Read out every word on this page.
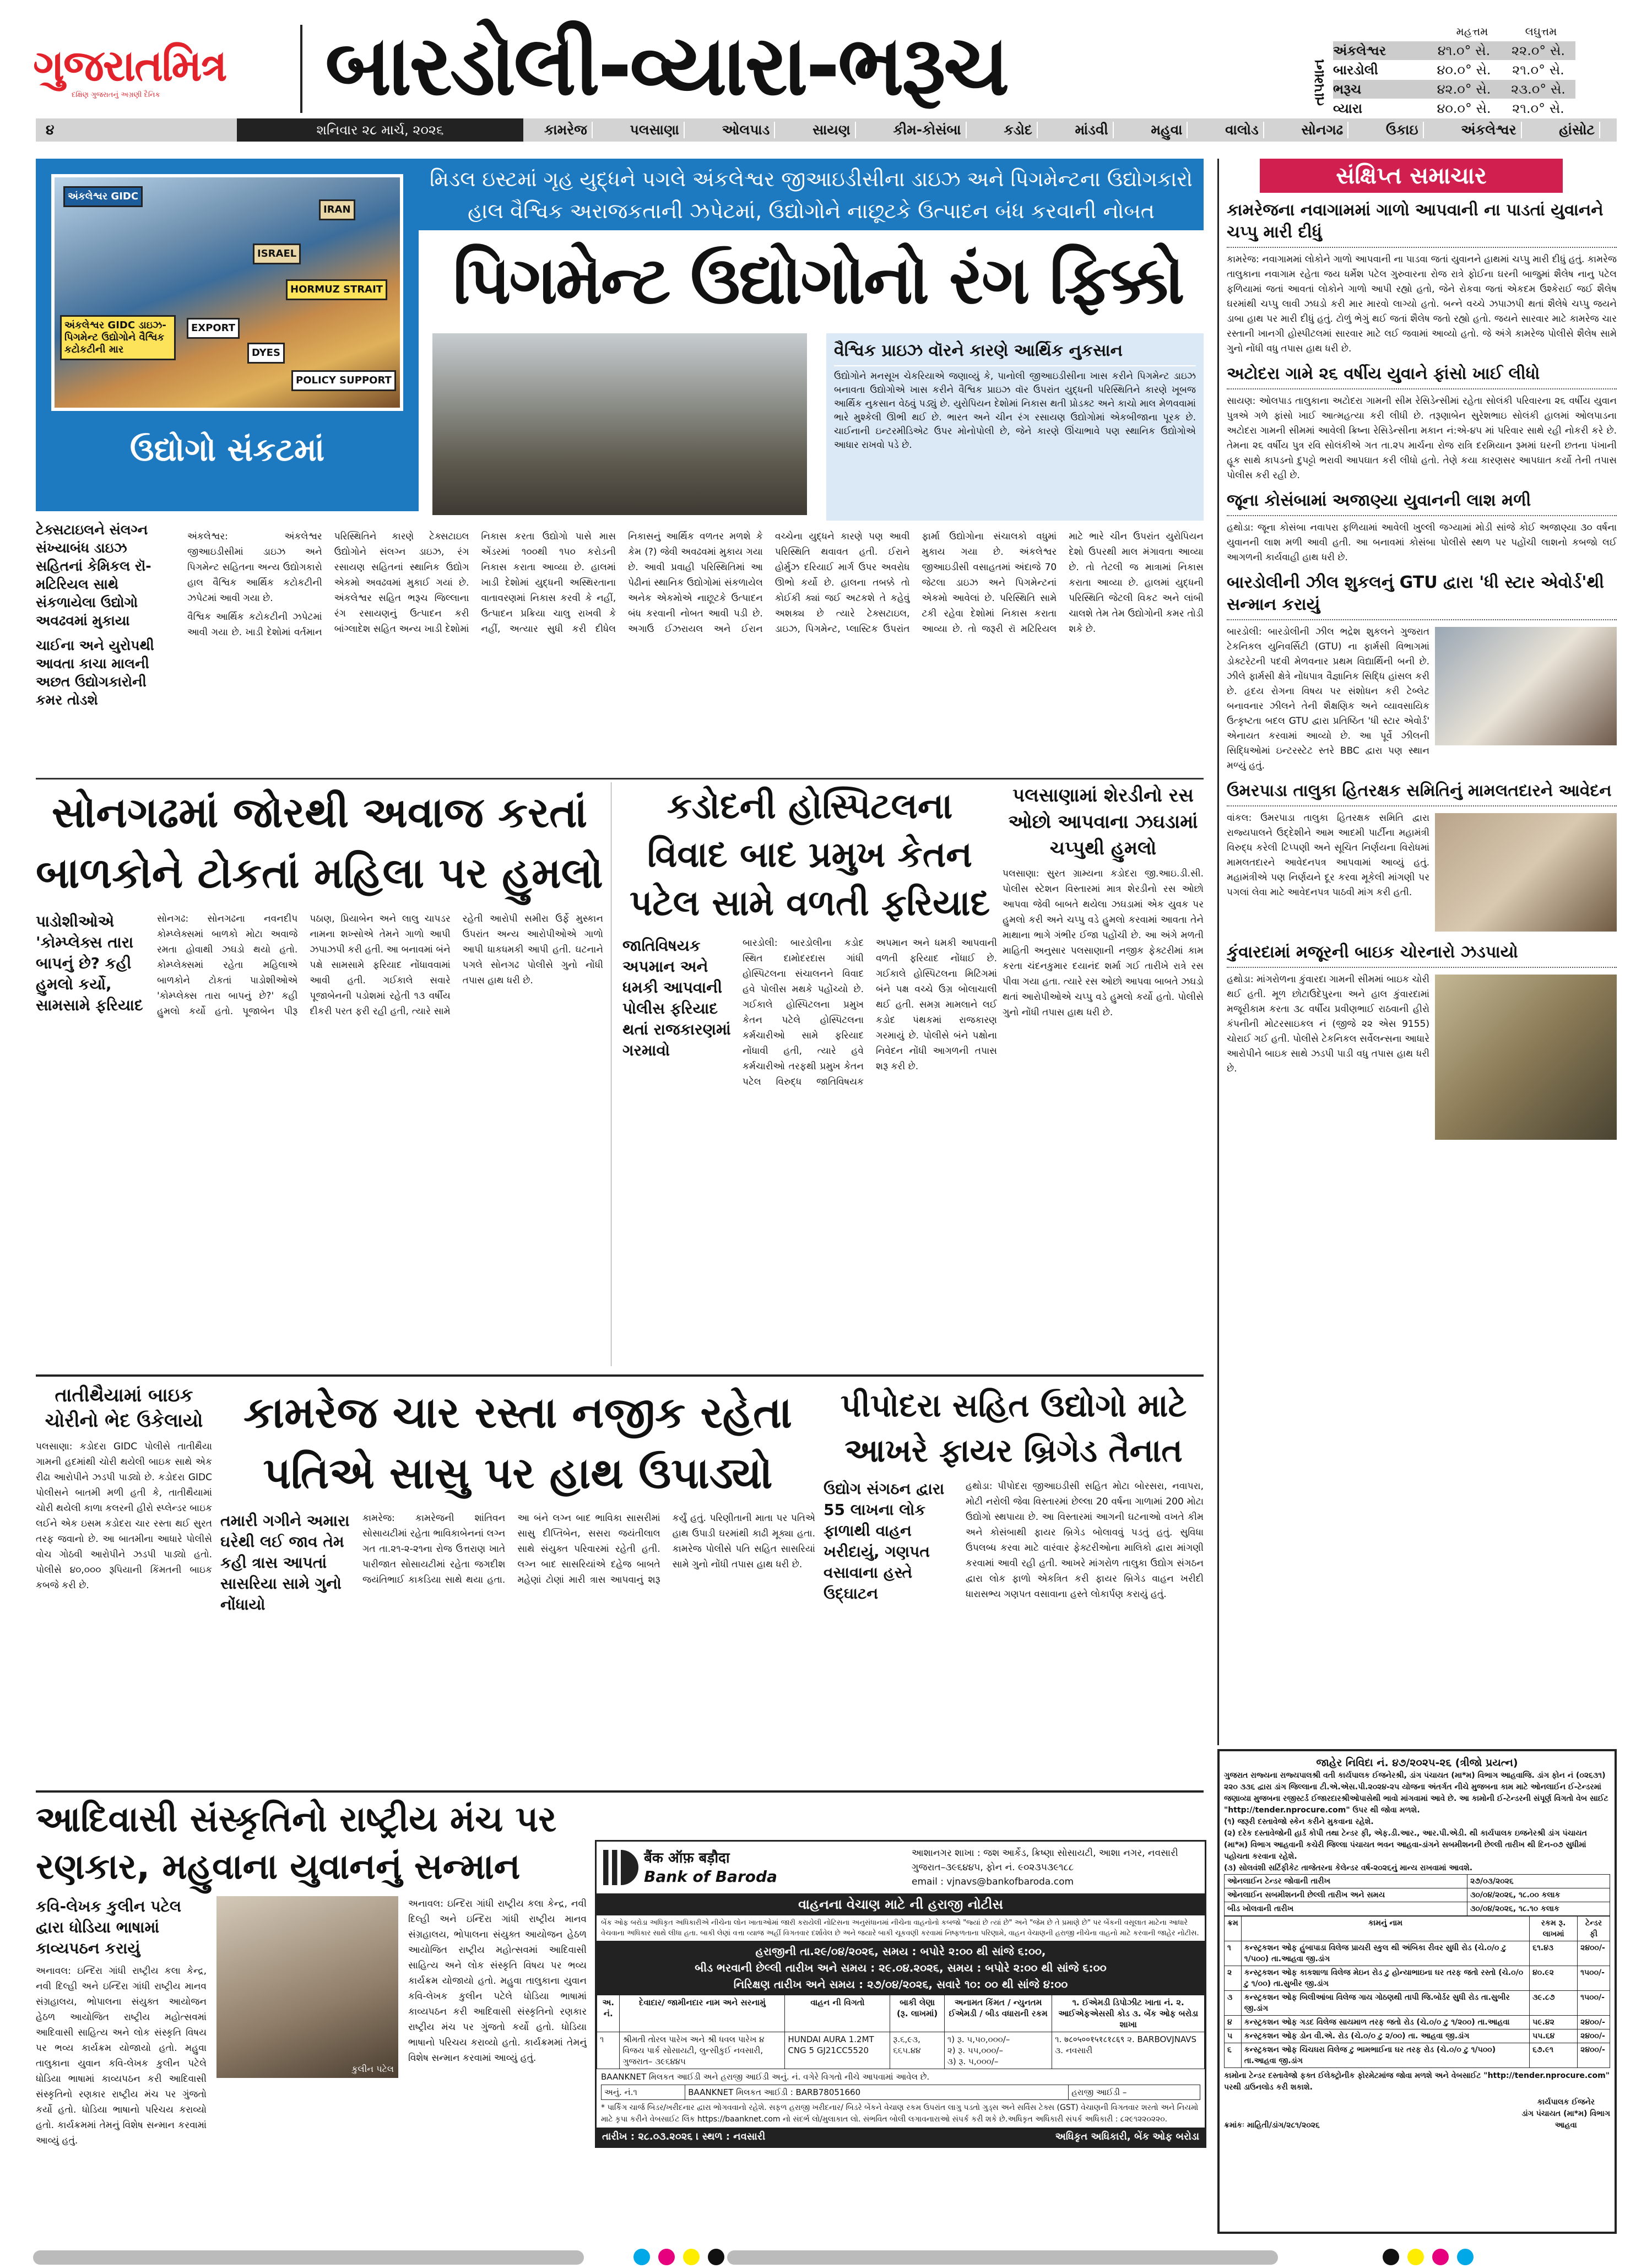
ગુજરાતમિત્ર
દક્ષિણ ગુજરાતનું અગ્રણી દૈનિક	બારડોલી-વ્યારા-ભરૂચ	તાપમાન
મહત્તમ	લઘુત્તમ
અંકલેશ્વર	૪૧.૦° સે.	૨૨.૦° સે.
બારડોલી	૪૦.૦° સે.	૨૧.૦° સે.
ભરૂચ	૪૨.૦° સે.	૨૩.૦° સે.
વ્યારા	૪૦.૦° સે.	૨૧.૦° સે.
૪	શનિવાર ૨૮ માર્ચ, ૨૦૨૬	કામરેજ	પલસાણા	ઓલપાડ	સાયણ	કીમ-કોસંબા	કડોદ	માંડવી	મહુવા	વાલોડ	સોનગઢ	ઉકાઇ	અંકલેશ્વર	હાંસોટ
અંકલેશ્વર GIDC
IRAN
ISRAEL
HORMUZ STRAIT
EXPORT
DYES
POLICY SUPPORT
અંકલેશ્વર GIDC ડાઇઝ-પિગમેન્ટ ઉદ્યોગોને વૈશ્વિક કટોકટીની માર
ઉદ્યોગો સંકટમાં
મિડલ ઇસ્ટમાં ગૃહ યુદ્ધને પગલે અંકલેશ્વર જીઆઇડીસીના ડાઇઝ અને પિગમેન્ટના ઉદ્યોગકારો
હાલ વૈશ્વિક અરાજકતાની ઝપેટમાં, ઉદ્યોગોને નાછૂટકે ઉત્પાદન બંધ કરવાની નોબત
પિગમેન્ટ ઉદ્યોગોનો રંગ ફિક્કો
વૈશ્વિક પ્રાઇઝ વૉરને કારણે આર્થિક નુકસાન

ઉદ્યોગોને મનસૂખ ચેકરિયાએ જણાવ્યું કે, પાનોલી જીઆઇડીસીના ખાસ કરીને પિગમેન્ટ ડાઇઝ બનાવતા ઉદ્યોગોએ ખાસ કરીને વૈશ્વિક પ્રાઇઝ વૉર ઉપરાંત યુદ્ધની પરિસ્થિતિને કારણે ખૂબજ આર્થિક નુકસાન વેઠવું પડ્યું છે. યુરોપિયન દેશોમાં નિકાસ થતી પ્રોડક્ટ અને કાચો માલ મેળવવામાં ભારે મુશ્કેલી ઊભી થઈ છે. ભારત અને ચીન રંગ રસાયણ ઉદ્યોગોમાં એકબીજાના પૂરક છે. ચાઈનાની ઇન્ટરમીડિએટ ઉપર મોનોપોલી છે, જેને કારણે ઊંચાભાવે પણ સ્થાનિક ઉદ્યોગોએ આધાર રાખવો પડે છે.

ટેક્સટાઇલને સંલગ્ન સંખ્યાબંધ ડાઇઝ સહિતનાં કેમિકલ રૉ-મટિરિયલ સાથે સંકળાયેલા ઉદ્યોગો અવઢવમાં મુકાયા
ચાઈના અને યુરોપથી આવતા કાચા માલની અછત ઉદ્યોગકારોની કમર તોડશે

અંકલેશ્વર: અંકલેશ્વર જીઆઇડીસીમાં ડાઇઝ અને પિગમેન્ટ સહિતના અન્ય ઉદ્યોગકારો હાલ વૈશ્વિક આર્થિક કટોકટીની ઝપેટમાં આવી ગયા છે.

વૈશ્વિક આર્થિક કટોકટીની ઝપેટમાં આવી ગયા છે. ખાડી દેશોમાં વર્તમાન પરિસ્થિતિને કારણે ટેક્સટાઇલ ઉદ્યોગોને સંલગ્ન ડાઇઝ, રંગ રસાયણ સહિતનાં સ્થાનિક ઉદ્યોગ એકમો અવઢવમાં મુકાઈ ગયાં છે. અંકલેશ્વર સહિત ભરૂચ જિલ્લાના રંગ રસાયણનું ઉત્પાદન કરી બાંગ્લાદેશ સહિત અન્ય ખાડી દેશોમાં નિકાસ કરતા ઉદ્યોગો પાસે માસ એંડરમાં ૧૦૦થી ૧૫૦ કરોડની નિકાસ કરાતા આવ્યા છે. હાલમાં ખાડી દેશોમાં યુદ્ધની અસ્થિરતાના વાતાવરણમાં નિકાસ કરવી કે નહીં, ઉત્પાદન પ્રક્રિયા ચાલુ રાખવી કે નહીં, અત્યાર સુધી કરી દીધેલ નિકાસનું આર્થિક વળતર મળશે કે કેમ (?) જેવી અવઢવમાં મુકાય ગયા છે. આવી પ્રવાહી પરિસ્થિતિમાં આ પેઢીનાં સ્થાનિક ઉદ્યોગોમાં સંકળાયેલ અનેક એકમોએ નાછૂટકે ઉત્પાદન બંધ કરવાની નોબત આવી પડી છે. અગાઉ ઈઝરાયલ અને ઈરાન વચ્ચેના યુદ્ધને કારણે પણ આવી પરિસ્થિતિ થવાવત હતી. ઈરાને હોર્મુઝ દરિયાઈ માર્ગ ઉપર અવરોધ ઊભો કર્યો છે. હાલના તબક્કે તો કોઈકી ક્યાં જઈ અટકશે તે કહેવું અશક્ય છે ત્યારે ટેક્સટાઇલ, ડાઇઝ, પિગમેન્ટ, પ્લાસ્ટિક ઉપરાંત ફાર્મા ઉદ્યોગોના સંચાલકો વધુમાં મુકાય ગયા છે. અંકલેશ્વર જીઆઇડીસી વસાહતમાં અંદાજે 70 જેટલા ડાઇઝ અને પિગમેન્ટનાં એકમો આવેલાં છે. પરિસ્થિતિ સામે ટકી રહેવા દેશોમાં નિકાસ કરાતા આવ્યા છે. તો જરૂરી રૉ મટિરિયલ માટે ભારે ચીન ઉપરાંત યુરોપિયન દેશો ઉપરથી માલ મંગાવતા આવ્યા છે. તો તેટલી જ માત્રામાં નિકાસ કરાતા આવ્યા છે. હાલમાં યુદ્ધની પરિસ્થિતિ જેટલી વિકટ અને લાંબી ચાલશે તેમ તેમ ઉદ્યોગોની કમર તોડી શકે છે.

સંક્ષિપ્ત સમાચાર
કામરેજના નવાગામમાં ગાળો આપવાની ના પાડતાં યુવાનને ચપ્પુ મારી દીધું

કામરેજ: નવાગામમાં લોકોને ગાળો આપવાની ના પાડવા જતાં યુવાનને હાથમાં ચપ્પુ મારી દીધું હતું. કામરેજ તાલુકાના નવાગામ રહેતા જય ધર્મેશ પટેલ ગુરુવારના રોજ રાત્રે ફોઈના ઘરની બાજુમાં શૈલેષ નાનુ પટેલ ફળિયામાં જતાં આવતાં લોકોને ગાળો આપી રહ્યો હતો, જેને રોકવા જતાં એકદમ ઉશ્કેરાઈ જઈ શૈલેષ ઘરમાંથી ચપ્પુ લાવી ઝઘડો કરી માર મારવો લાગ્યો હતો. બન્ને વચ્ચે ઝપાઝપી થતાં શૈલેષે ચપ્પુ જયને ડાબા હાથ પર મારી દીધું હતું. ટોળું ભેગું થઈ જતાં શૈલેષ જતો રહ્યો હતો. જયને સારવાર માટે કામરેજ ચાર રસ્તાની ખાનગી હોસ્પીટલમાં સારવાર માટે લઈ જવામાં આવ્યો હતો. જે અંગે કામરેજ પોલીસે શૈલેષ સામે ગુનો નોંધી વધુ તપાસ હાથ ધરી છે.

અટોદરા ગામે ૨૬ વર્ષીય યુવાને ફાંસો ખાઈ લીધો

સાયણ: ઓલપાડ તાલુકાના અટોદરા ગામની સીમ રેસિડેન્સીમાં રહેતા સોલંકી પરિવારના ૨૬ વર્ષીય યુવાન પુત્રએ ગળે ફાંસો ખાઈ આત્મહત્યા કરી લીધી છે. તરૂણાબેન સુરેશભાઇ સોલંકી હાલમાં ઓલપાડના અટોદરા ગામની સીમમાં આવેલી ક્રિષ્ના રેસિડેન્સીના મકાન નં:એ-૪૫ માં પરિવાર સાથે રહી નોકરી કરે છે. તેમના ૨૬ વર્ષીય પુત્ર રવિ સોલંકીએ ગત તા.૨૫ માર્ચના રોજ રાત્રિ દરમિયાન રૂમમાં ઘરની છતના પંખાની હૂક સાથે કાપડનો દુપટ્ટો ભરાવી આપઘાત કરી લીધો હતો. તેણે કયા કારણસર આપઘાત કર્યો તેની તપાસ પોલીસ કરી રહી છે.

જૂના કોસંબામાં અજાણ્યા યુવાનની લાશ મળી

હથોડા: જૂના કોસંબા નવાપરા ફળિયામાં આવેલી ખુલ્લી જગ્યામાં મોડી સાંજે કોઈ અજાણ્યા ૩૦ વર્ષના યુવાનની લાશ મળી આવી હતી. આ બનાવમાં કોસંબા પોલીસે સ્થળ પર પહોંચી લાશનો કબજો લઈ આગળની કાર્યવાહી હાથ ધરી છે.

બારડોલીની ઝીલ શુકલનું GTU દ્વારા 'ધી સ્ટાર એવોર્ડ'થી સન્માન કરાયું

બારડોલી: બારડોલીની ઝીલ ભદ્રેશ શુકલને ગુજરાત ટેકનિકલ યુનિવર્સિટી (GTU) ના ફાર્મસી વિભાગમાં ડોક્ટરેટની પદવી મેળવનાર પ્રથમ વિદ્યાર્થિની બની છે. ઝીલે ફાર્મસી ક્ષેત્રે નોંધપાત્ર વૈજ્ઞાનિક સિદ્ધિ હાંસલ કરી છે. હૃદય રોગના વિષય પર સંશોધન કરી ટેબ્લેટ બનાવનાર ઝીલને તેની શૈક્ષણિક અને વ્યાવસાયિક ઉત્કૃષ્ટતા બદલ GTU દ્વારા પ્રતિષ્ઠિત 'ધી સ્ટાર એવોર્ડ' એનાયત કરવામાં આવ્યો છે. આ પૂર્વે ઝીલની સિદ્ધિઓમાં ઇન્ટરસ્ટેટ સ્તરે BBC દ્વારા પણ સ્થાન મળ્યું હતું.

ઉમરપાડા તાલુકા હિતરક્ષક સમિતિનું મામલતદારને આવેદન

વાંકલ: ઉમરપાડા તાલુકા હિતરક્ષક સમિતિ દ્વારા રાજ્યપાલને ઉદ્દેશીને આમ આદમી પાર્ટીના મહામંત્રી વિરુદ્ધ કરેલી ટિપ્પણી અને સૂચિત નિર્ણયના વિરોધમાં મામલતદારને આવેદનપત્ર આપવામાં આવ્યું હતું. મહામંત્રીએ પણ નિર્ણયને દૂર કરવા મૂકેલી માંગણી પર પગલાં લેવા માટે આવેદનપત્ર પાઠવી માંગ કરી હતી.

કુંવારદામાં મજૂરની બાઇક ચોરનારો ઝડપાયો

હથોડા: માંગરોળના કુંવારદા ગામની સીમમાં બાઇક ચોરી થઈ હતી. મૂળ છોટાઉદેપુરના અને હાલ કુંવારદામાં મજૂરીકામ કરતા ૩૮ વર્ષીય પ્રવીણભાઈ રાઠવાની હીરો કંપનીની મોટરસાઇકલ નં (જીજે ૨૨ એસ 9155) ચોરાઈ ગઈ હતી. પોલીસે ટેકનિકલ સર્વેલન્સના આધારે આરોપીને બાઇક સાથે ઝડપી પાડી વધુ તપાસ હાથ ધરી છે.

સોનગઢમાં જોરથી અવાજ કરતાં
બાળકોને ટોકતાં મહિલા પર હુમલો
પાડોશીઓએ 'કોમ્પ્લેક્સ તારા બાપનું છે? કહી હુમલો કર્યો, સામસામે ફરિયાદ
સોનગઢ: સોનગઢના નવનદીપ કોમ્પ્લેક્સમાં બાળકો મોટા અવાજે રમતા હોવાથી ઝઘડો થયો હતો. કોમ્પ્લેક્સમાં રહેતા મહિલાએ બાળકોને ટોકતાં પાડોશીઓએ 'કોમ્પ્લેક્સ તારા બાપનું છે?' કહી હુમલો કર્યો હતો. પૂજાબેન પીરૂ પઠાણ, પ્રિયાબેન અને લાલુ ચાપડર નામના શખ્સોએ તેમને ગાળો આપી ઝપાઝપી કરી હતી. આ બનાવમાં બંને પક્ષે સામસામે ફરિયાદ નોંધાવવામાં આવી હતી. ગઈકાલે સવારે પૂજાબેનની પડોશમાં રહેતી ૧૩ વર્ષીય દીકરી પરત ફરી રહી હતી, ત્યારે સામે રહેતી આરોપી સમીરા ઉર્ફે મુસ્કાન ઉપરાંત અન્ય આરોપીઓએ ગાળો આપી ધાકધમકી આપી હતી. ઘટનાને પગલે સોનગઢ પોલીસે ગુનો નોંધી તપાસ હાથ ધરી છે.
કડોદની હોસ્પિટલના વિવાદ બાદ પ્રમુખ કેતન પટેલ સામે વળતી ફરિયાદ
જાતિવિષયક અપમાન અને ધમકી આપવાની પોલીસ ફરિયાદ થતાં રાજકારણમાં ગરમાવો
બારડોલી: બારડોલીના કડોદ સ્થિત દામોદરદાસ ગાંધી હોસ્પિટલના સંચાલનને વિવાદ હવે પોલીસ મથકે પહોંચ્યો છે. ગઈકાલે હોસ્પિટલના પ્રમુખ કેતન પટેલે હોસ્પિટલના કર્મચારીઓ સામે ફરિયાદ નોંધાવી હતી, ત્યારે હવે કર્મચારીઓ તરફથી પ્રમુખ કેતન પટેલ વિરુદ્ધ જાતિવિષયક અપમાન અને ધમકી આપવાની વળતી ફરિયાદ નોંધાઈ છે. ગઈકાલે હોસ્પિટલના મિટિંગમાં બંને પક્ષ વચ્ચે ઉગ્ર બોલાચાલી થઈ હતી. સમગ્ર મામલાને લઈ કડોદ પંથકમાં રાજકારણ ગરમાયું છે. પોલીસે બંને પક્ષોના નિવેદન નોંધી આગળની તપાસ શરૂ કરી છે.
પલસાણામાં શેરડીનો રસ ઓછો આપવાના ઝઘડામાં ચપ્પુથી હુમલો
પલસાણા: સુરત ગ્રામ્યના કડોદરા જી.આઇ.ડી.સી. પોલીસ સ્ટેશન વિસ્તારમાં માત્ર શેરડીનો રસ ઓછો આપવા જેવી બાબતે થયેલા ઝઘડામાં એક યુવક પર હુમલો કરી અને ચપ્પુ વડે હુમલો કરવામાં આવતા તેને માથાના ભાગે ગંભીર ઈજા પહોંચી છે. આ અંગે મળતી માહિતી અનુસાર પલસાણાની નજીક ફેક્ટરીમાં કામ કરતા ચંદનકુમાર દયાનંદ શર્મા ગઈ તારીખે રાત્રે રસ પીવા ગયા હતા. ત્યારે રસ ઓછો આપવા બાબતે ઝઘડો થતાં આરોપીઓએ ચપ્પુ વડે હુમલો કર્યો હતો. પોલીસે ગુનો નોંધી તપાસ હાથ ધરી છે.
તાતીથૈયામાં બાઇક ચોરીનો ભેદ ઉકેલાયો
પલસાણા: કડોદરા GIDC પોલીસે તાતીથૈયા ગામની હદમાંથી ચોરી થયેલી બાઇક સાથે એક રીઢા આરોપીને ઝડપી પાડ્યો છે. કડોદરા GIDC પોલીસને બાતમી મળી હતી કે, તાતીથૈયામાં ચોરી થયેલી કાળા કલરની હીરો સ્પ્લેન્ડર બાઇક લઈને એક ઇસમ કડોદરા ચાર રસ્તા થઈ સુરત તરફ જવાનો છે. આ બાતમીના આધારે પોલીસે વોચ ગોઠવી આરોપીને ઝડપી પાડ્યો હતો. પોલીસે ૪૦,૦૦૦ રૂપિયાની કિંમતની બાઇક કબજે કરી છે.
કામરેજ ચાર રસ્તા નજીક રહેતા
પતિએ સાસુ પર હાથ ઉપાડ્યો
તમારી ગગીને અમારા ઘરેથી લઈ જાવ તેમ કહી ત્રાસ આપતાં સાસરિયા સામે ગુનો નોંધાયો
કામરેજ: કામરેજની શાંતિવન સોસાયટીમાં રહેતા ભાવિકાબેનનાં લગ્ન ગત તા.૨૧-૨-૨૧ના રોજ ઉત્તરાણ ખાતે પારીજાત સોસાયટીમાં રહેતા જગદીશ જયંતિભાઈ કાકડિયા સાથે થયા હતા. આ બંને લગ્ન બાદ ભાવિકા સાસરીમાં સાસુ દીપ્તિબેન, સસરા જયંતીલાલ સાથે સંયુક્ત પરિવારમાં રહેતી હતી. લગ્ન બાદ સાસરિયાંએ દહેજ બાબતે મહેણાં ટોણાં મારી ત્રાસ આપવાનું શરૂ કર્યું હતું. પરિણીતાની માતા પર પતિએ હાથ ઉપાડી ઘરમાંથી કાઢી મૂક્યા હતા. કામરેજ પોલીસે પતિ સહિત સાસરિયાં સામે ગુનો નોંધી તપાસ હાથ ધરી છે.
પીપોદરા સહિત ઉદ્યોગો માટે આખરે ફાયર બ્રિગેડ તૈનાત
ઉદ્યોગ સંગઠન દ્વારા 55 લાખના લોક ફાળાથી વાહન ખરીદાયું, ગણપત વસાવાના હસ્તે ઉદ્ઘાટન
હથોડા: પીપોદરા જીઆઇડીસી સહિત મોટા બોરસરા, નવાપરા, મોટી નરોલી જેવા વિસ્તારમાં છેલ્લા 20 વર્ષના ગાળામાં 200 મોટા ઉદ્યોગો સ્થપાયા છે. આ વિસ્તારમાં આગની ઘટનાઓ વખતે કીમ અને કોસંબાથી ફાયર બ્રિગેડ બોલાવવું પડતું હતું. સુવિધા ઉપલબ્ધ કરવા માટે વારંવાર ફેક્ટરીઓના માલિકો દ્વારા માંગણી કરવામાં આવી રહી હતી. આખરે માંગરોળ તાલુકા ઉદ્યોગ સંગઠન દ્વારા લોક ફાળો એકત્રિત કરી ફાયર બ્રિગેડ વાહન ખરીદી ધારાસભ્ય ગણપત વસાવાના હસ્તે લોકાર્પણ કરાયું હતું.
આદિવાસી સંસ્કૃતિનો રાષ્ટ્રીય મંચ પર
રણકાર, મહુવાના યુવાનનું સન્માન
કવિ-લેખક કુલીન પટેલ દ્વારા ધોડિયા ભાષામાં કાવ્યપઠન કરાયું
અનાવલ: ઇન્દિરા ગાંધી રાષ્ટ્રીય કલા કેન્દ્ર, નવી દિલ્હી અને ઇન્દિરા ગાંધી રાષ્ટ્રીય માનવ સંગ્રહાલય, ભોપાલના સંયુક્ત આયોજન હેઠળ આયોજિત રાષ્ટ્રીય મહોત્સવમાં આદિવાસી સાહિત્ય અને લોક સંસ્કૃતિ વિષય પર ભવ્ય કાર્યક્રમ યોજાયો હતો. મહુવા તાલુકાના યુવાન કવિ-લેખક કુલીન પટેલે ધોડિયા ભાષામાં કાવ્યપઠન કરી આદિવાસી સંસ્કૃતિનો રણકાર રાષ્ટ્રીય મંચ પર ગુંજતો કર્યો હતો. ધોડિયા ભાષાનો પરિચય કરાવ્યો હતો. કાર્યક્રમમાં તેમનું વિશેષ સન્માન કરવામાં આવ્યું હતું.
કુલીન પટેલ
અનાવલ: ઇન્દિરા ગાંધી રાષ્ટ્રીય કલા કેન્દ્ર, નવી દિલ્હી અને ઇન્દિરા ગાંધી રાષ્ટ્રીય માનવ સંગ્રહાલય, ભોપાલના સંયુક્ત આયોજન હેઠળ આયોજિત રાષ્ટ્રીય મહોત્સવમાં આદિવાસી સાહિત્ય અને લોક સંસ્કૃતિ વિષય પર ભવ્ય કાર્યક્રમ યોજાયો હતો. મહુવા તાલુકાના યુવાન કવિ-લેખક કુલીન પટેલે ધોડિયા ભાષામાં કાવ્યપઠન કરી આદિવાસી સંસ્કૃતિનો રણકાર રાષ્ટ્રીય મંચ પર ગુંજતો કર્યો હતો. ધોડિયા ભાષાનો પરિચય કરાવ્યો હતો. કાર્યક્રમમાં તેમનું વિશેષ સન્માન કરવામાં આવ્યું હતું.
बैंक ऑफ़ बड़ौदा
Bank of Baroda
આશાનગર શાખા : જશ આર્કેડ, ક્રિષ્ણા સોસાયટી, આશા નગર, નવસારી ગુજરાત–૩૯૬૪૪૫, ફોન નં. ૯૦૨૩૫૩૯૧૮૮
email : vjnavs@bankofbaroda.com
વાહનના વેચાણ માટે ની હરાજી નોટીસ
બેંક ઓફ બરોડા અધિકૃત અધિકારીએ નીચેના લોન ખાતાઓમાં જારી કરાયેલી નોટિસના અનુસંધાનમાં નીચેના વાહનોનો કબજો "જ્યાં છે ત્યાં છે" અને "જેમ છે તે પ્રમાણે છે" પર બેંકની વસૂલાત માટેના આધારે વેચવાના અધિકાર સાથે લીધા હતા. બાકી લેણાં વત્તા વ્યાજ અહીં વિગતવાર દર્શાવેલ છે અને જયારે બાકી ચૂકવણી કરવામાં નિષ્ફળતાના પરિણામે, વાહન વેચાણની હરાજી નીચેના વાહનો માટે કરવાની જાહેર નોટીસ.
હરાજીની તા.૨૯/૦૪/૨૦૨૬, સમય : બપોરે ૨:૦૦ થી સાંજે ૬:૦૦,
બીડ ભરવાની છેલ્લી તારીખ અને સમય : ૨૯.૦૪.૨૦૨૬, સમય : બપોરે ૨:૦૦ થી સાંજે ૬:૦૦
નિરિક્ષણ તારીખ અને સમય : ૨૭/૦૪/૨૦૨૬, સવારે ૧૦: ૦૦ થી સાંજે ૪:૦૦
અ. નં.	દેવાદાર/ જામીનદાર નામ અને સરનામું	વાહન ની વિગતો	બાકી લેણા (રૂ. લાખમાં)	અનામત કિંમત / ન્યુનતમ ઈએમડી / બીડ વધારાની રકમ	૧. ઈએમડી ડિપોઝીટ ખાતા નં. ૨. આઈએફએસસી કોડ ૩. બેંક ઓફ બરોડા શાખા
૧	શ્રીમતી તોરલ પારેખ અને શ્રી ધવલ પારેખ ૪ વિજય પાર્ક સોસાયટી, લુન્સીકુઈ નવસારી, ગુજરાત– ૩૯૬૪૪૫	HUNDAI AURA 1.2MT CNG 5 GJ21CC5520	રૂ.૬,૯૩, ૬૬૫.૪૪	૧) રૂ. ૫,૫૦,૦૦૦/–
૨) રૂ. ૫૫,૦૦૦/–
૩) રૂ. ૫,૦૦૦/–	૧. ७८०५००१५१८१८६९ ૨. BARBOVJNAVS ૩. નવસારી
BAANKNET મિલકત આઈડી અને હરાજી આઈડી અનું. નં. વગેરે વિગતો નીચે આપવામાં આવેલ છે.
અનું. નં.૧	BAANKNET મિલકત આઈડી : BARB78051660	હરાજી આઈડી –
* પાર્કિંગ ચાર્જ બિડર/ખરીદનાર દ્વારા ભોગવવાનો રહેશે. સફળ હરાજી ખરીદનાર/ બિડરે બેંકને વેચાણ રકમ ઉપરાંત લાગુ પડતો ગુડ્સ અને સર્વિસ ટેક્સ (GST) વેચાણની વિગતવાર શરતો અને નિયમો માટે કૃપા કરીને વેબસાઈટ લિંક https://baanknet.com નો સંદર્ભ લો/મુલાકાત લો. સંભવિત બોલી લગાવનારાઓ સંપર્ક કરી શકે છે.અધિકૃત અધિકારી સંપર્ક અધિકારી : ૮૨૯૧૨૨૦૨૨૦.
તારીખ : ૨૮.૦૩.૨૦૨૬ । સ્થળ : નવસારી	અધિકૃત અધિકારી, બેંક ઓફ બરોડા
જાહેર નિવિદા નં. ૪૭/૨૦૨૫-૨૬ (ત્રીજો પ્રયત્ન)
ગુજરાત રાજ્યના રાજ્યપાલશ્રી વતી કાર્યપાલક ઈજનેરશ્રી, ડાંગ પંચાયત (મા*મ) વિભાગ આહવાજિ. ડાંગ ફોન નં (૦૨૬૩૧) ૨૨૦ ૩૩૬ દ્વારા ડાંગ જિલ્લાના ટી.એ.એસ.પી.૨૦૨૪-૨૫ યોજના અંતર્ગત નીચે મુજબના કામ માટે ઓનલાઈન ઈ-ટેન્ડરમાં જણાવ્યા મુજબના રજીસ્ટર્ડ ઈજારદારશ્રીઓપાસેથી ભાવો માંગવામાં આવે છે. આ કામોની ઈ-ટેન્ડરની સંપૂર્ણ વિગતો વેબ સાઈટ "http://tender.nprocure.com" ઉપર થી જોવા મળશે.
(૧) જરૂરી દસ્તાવેજો સ્કેન કરીને મુકવાના રહેશે.
(૨) દરેક દસ્તાવેજોની હાર્ડ કોપી તથા ટેન્ડર ફી, એફ.ડી.આર., આર.પી.એડી. થી કાર્યપાલક ઇજનેરશ્રી ડાંગ પંચાયત (મા*મ) વિભાગ આહવાની કચેરી જિલ્લા પંચાયત ભવન આહવા-ડાંગને સબમીશનની છેલ્લી તારીખ થી દિન-૦૭ સુધીમાં પહોચતા કરવાના રહેશે.
(૩) સોલવંશી સર્ટિફીકેટ તાજેતરના કેલેન્ડર વર્ષ-૨૦૨૬નું માન્ય રાખવામાં આવશે.
ઓનલાઈન ટેન્ડર જોવાની તારીખ	૨૭/૦૩/૨૦૨૬
ઓનલાઈન સબમીશનની છેલ્લી તારીખ અને સમય	૩૦/૦૪/૨૦૨૬, ૧૮.૦૦ કલાક
બીડ ખોલવાની તારીખ	૩૦/૦૪/૨૦૨૬, ૧૮.૧૦ કલાક
ક્રમ	કામનું નામ	રકમ રૂ. લાખમાં	ટેન્ડર ફી
૧	કન્સ્ટ્રકશન ઓફ હુંબાપાડા વિલેજ પ્રાયરી સ્કુલ થી અંબિકા રીવર સુધી રોડ (ચે.૦/૦ ટુ ૧/૫૦૦) તા.આહવા જી.ડાંગ	૬૧.૪૩	૨૪૦૦/-
૨	કન્સ્ટ્રકશન ઓફ કાકશાળા વિલેજ મેઇન રોડ ટુ હોન્યાભાઇના ઘર તરફ જતો રસ્તો (ચે.૦/૦ ટુ ૧/૦૦) તા.સુબીર જી.ડાંગ	૪૦.૯૨	૧૫૦૦/-
૩	કન્સ્ટ્રકશન ઓફ બિલીઆંબા વિલેજ ગાય ગોઠણથી તાપી જિ.બોર્ડર સુધી રોડ તા.સુબીર જી.ડાંગ	૩૯.૮૭	૧૫૦૦/-
૪	કન્સ્ટ્રકશન ઓફ ગડદ વિલેજ સાયમાળ તરફ જતો રોડ (ચે.૦/૦ ટુ ૧/૨૦૦) તા.આહવા	૫૯.૪૨	૨૪૦૦/-
૫	કન્સ્ટ્રકશન ઓફ ડોન વી.એ. રોડ (ચે.૦/૦ ટુ ૨/૦૦) તા. આહવા જી.ડાંગ	૫૫.૬૪	૨૪૦૦/-
૬	કન્સ્ટ્રકશન ઓફ ચિંચઘરા વિલેજ ટુ ભામભાઈના ઘર તરફ રોડ (ચે.૦/૦ ટુ ૧/૫૦૦) તા.આહવા જી.ડાંગ	૬૭.૯૧	૨૪૦૦/-
કામોના ટેન્ડર દસ્તાવેજો ફક્ત ઈલેક્ટ્રોનીક ફોરમેટમાંજ જોવા મળશે અને વેબસાઈટ "http://tender.nprocure.com" પરથી ડાઉનલોડ કરી શકાશે.
ક્રમાંકઃ માહિતી/ડાંગ/૨૮૧/૨૦૨૬
કાર્યપાલક ઈજનેર
ડાંગ પંચાયત (મા*મ) વિભાગ
આહવા
